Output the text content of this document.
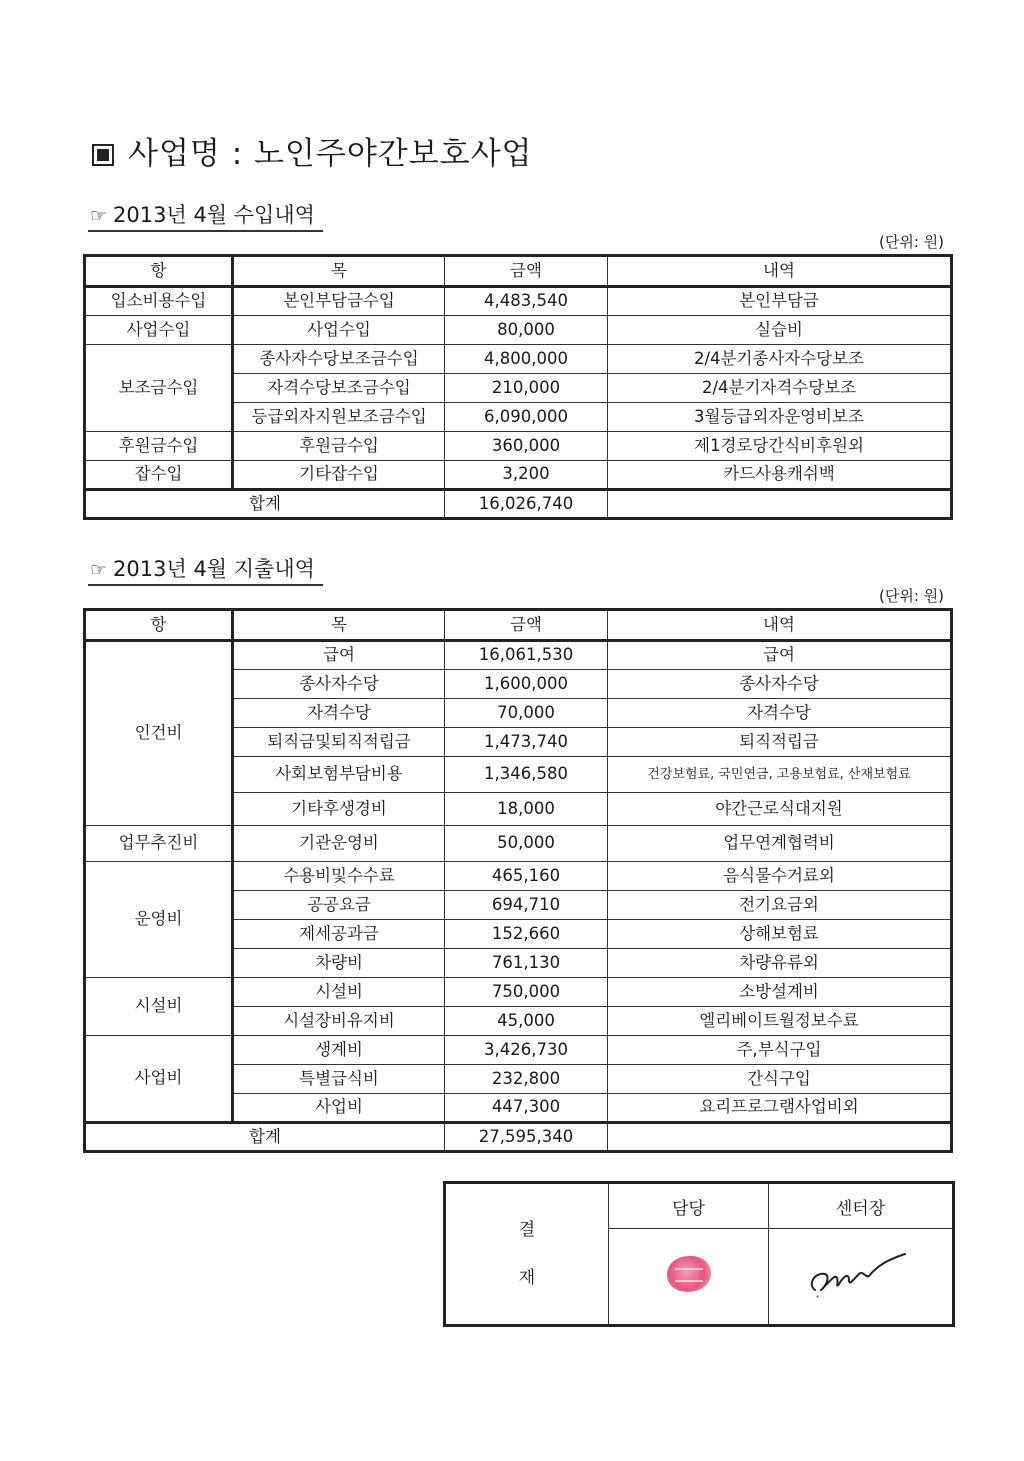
사업명 : 노인주야간보호사업
☞ 2013년 4월 수입내역
(단위: 원)
항	목	금액	내역
입소비용수입	본인부담금수입	4,483,540	본인부담금
사업수입	사업수입	80,000	실습비
보조금수입	종사자수당보조금수입	4,800,000	2/4분기종사자수당보조
	자격수당보조금수입	210,000	2/4분기자격수당보조
	등급외자지원보조금수입	6,090,000	3월등급외자운영비보조
후원금수입	후원금수입	360,000	제1경로당간식비후원외
잡수입	기타잡수입	3,200	카드사용캐쉬백
합계		16,026,740	
☞ 2013년 4월 지출내역
(단위: 원)
항	목	금액	내역
인건비	급여	16,061,530	급여
	종사자수당	1,600,000	종사자수당
	자격수당	70,000	자격수당
	퇴직금및퇴직적립금	1,473,740	퇴직적립금
	사회보험부담비용	1,346,580	건강보험료, 국민연금, 고용보험료, 산재보험료
	기타후생경비	18,000	야간근로식대지원
업무추진비	기관운영비	50,000	업무연계협력비
운영비	수용비및수수료	465,160	음식물수거료외
	공공요금	694,710	전기요금외
	제세공과금	152,660	상해보험료
	차량비	761,130	차량유류외
시설비	시설비	750,000	소방설계비
	시설장비유지비	45,000	엘리베이트월정보수료
사업비	생계비	3,426,730	주,부식구입
	특별급식비	232,800	간식구입
	사업비	447,300	요리프로그램사업비외
합계		27,595,340	
결
재	담당	센터장
